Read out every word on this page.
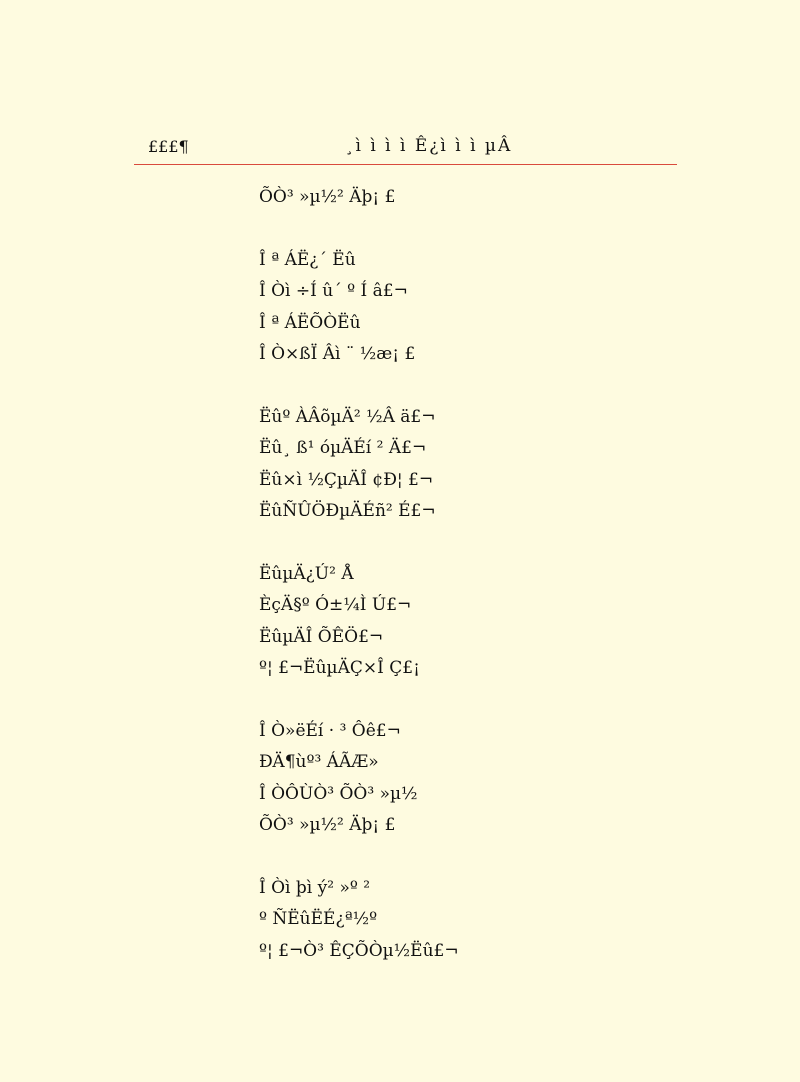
£££¶	¸ì ì ì ì Ê¿ì ì ì µÂ
ÕÒ³ »µ½² Äþ¡ £
Î ª ÁË¿´ Ëû
Î Òì ÷Í û´ º Í â£¬
Î ª ÁËÕÒËû
Î Ò×ßÏ Âì ¨ ½æ¡ £
Ëûº ÀÂõµÄ² ½Â ä£¬
Ëû¸ ß¹ óµÄÉí ² Ä£¬
Ëû×ì ½ÇµÄÎ ¢Ð¦ £¬
ËûÑÛÖÐµÄÉñ² É£¬
ËûµÄ¿Ú² Å
ÈçÄ§º Ó±¼Ì Ú£¬
ËûµÄÎ ÕÊÖ£¬
º¦ £¬ËûµÄÇ×Î Ç£¡
Î Ò»ëÉí · ³ Ôê£¬
ÐÄ¶ùº³ ÁÃÆ»
Î ÒÔÙÒ³ ÕÒ³ »µ½
ÕÒ³ »µ½² Äþ¡ £
Î Òì þì ý² »º ²
º ÑËûËÉ¿ª½º
º¦ £¬Ò³ ÊÇÕÒµ½Ëû£¬
